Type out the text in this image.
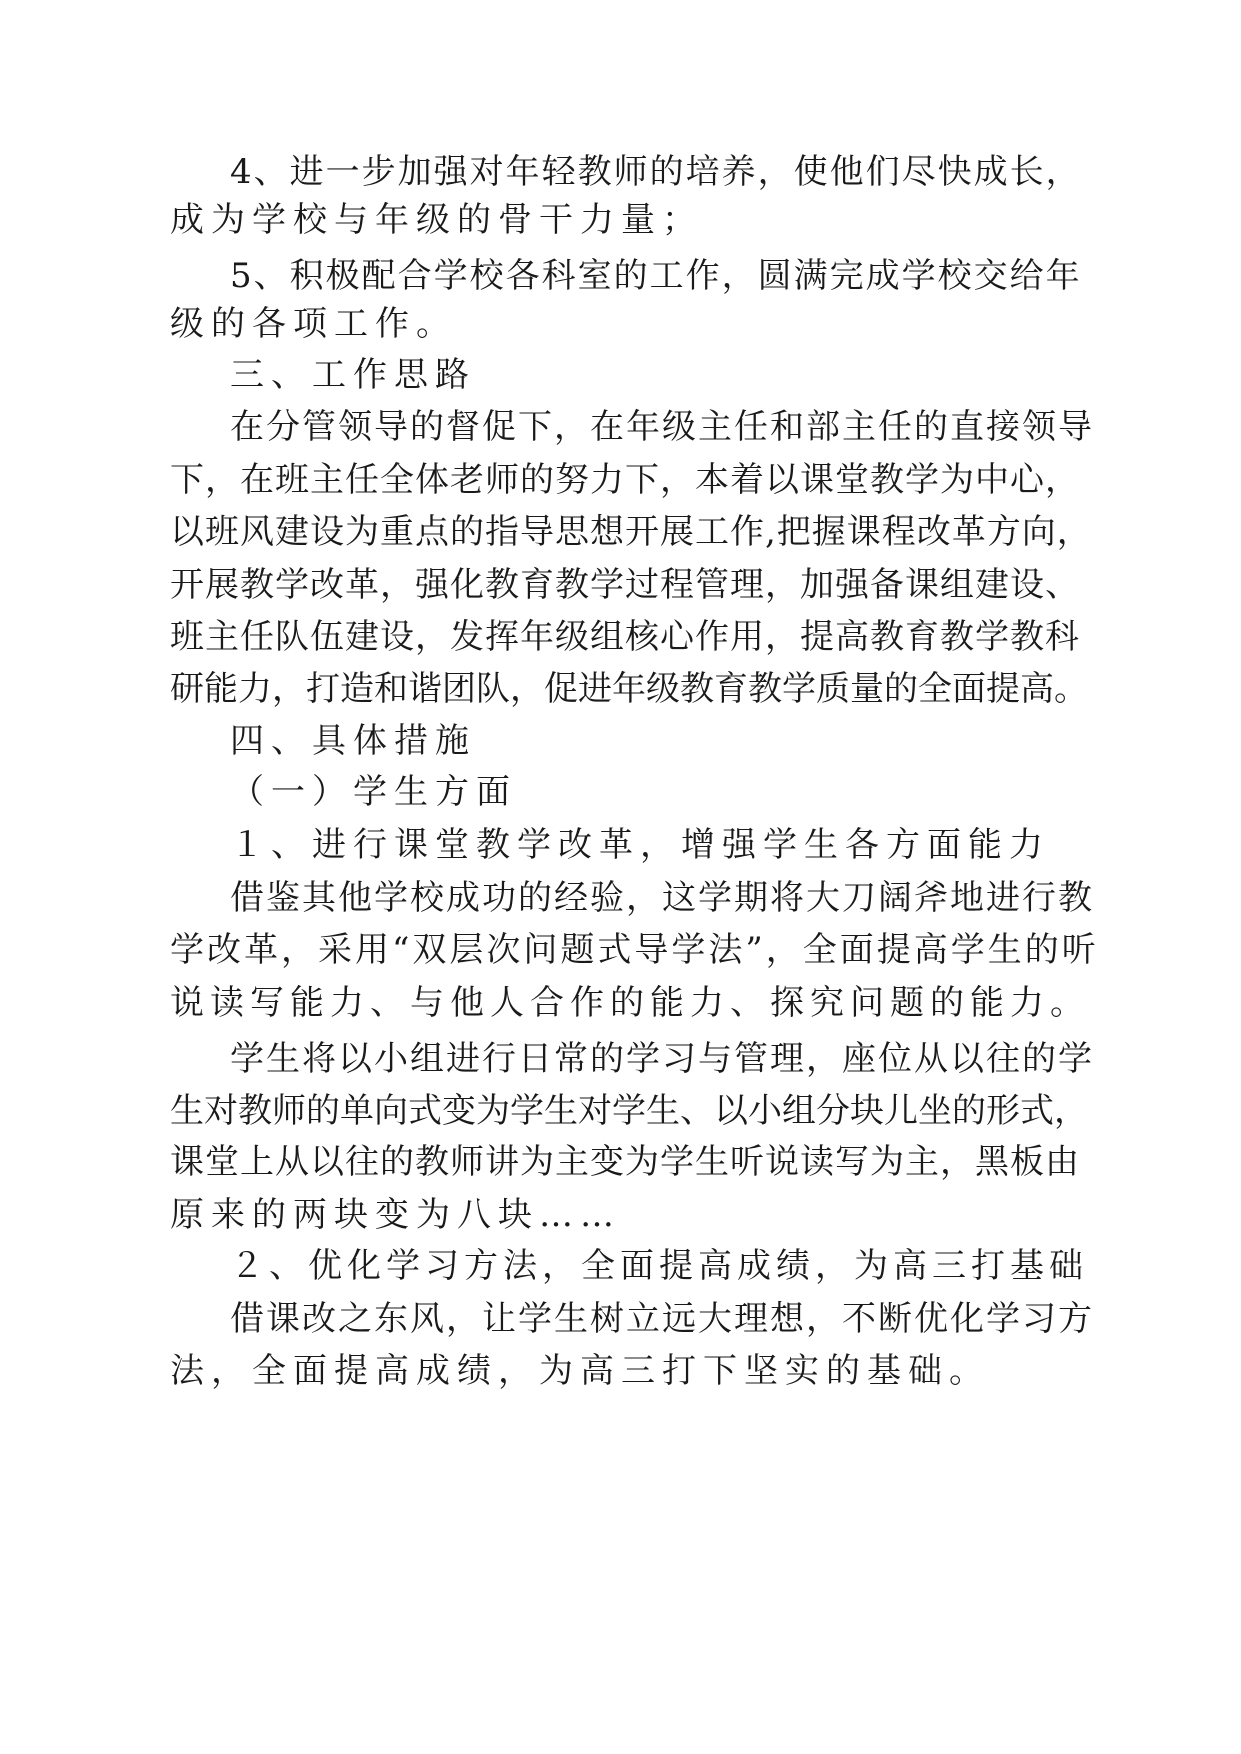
4、进一步加强对年轻教师的培养，使他们尽快成长，
成为学校与年级的骨干力量；
5、积极配合学校各科室的工作，圆满完成学校交给年
级的各项工作。
三、工作思路
在分管领导的督促下，在年级主任和部主任的直接领导
下，在班主任全体老师的努力下，本着以课堂教学为中心，
以班风建设为重点的指导思想开展工作,把握课程改革方向，
开展教学改革，强化教育教学过程管理，加强备课组建设、
班主任队伍建设，发挥年级组核心作用，提高教育教学教科
研能力，打造和谐团队，促进年级教育教学质量的全面提高。
四、具体措施
（一）学生方面
１、进行课堂教学改革，增强学生各方面能力
借鉴其他学校成功的经验，这学期将大刀阔斧地进行教
学改革，采用“双层次问题式导学法”，全面提高学生的听
说读写能力、与他人合作的能力、探究问题的能力。
学生将以小组进行日常的学习与管理，座位从以往的学
生对教师的单向式变为学生对学生、以小组分块儿坐的形式，
课堂上从以往的教师讲为主变为学生听说读写为主，黑板由
原来的两块变为八块……
２、优化学习方法，全面提高成绩，为高三打基础
借课改之东风，让学生树立远大理想，不断优化学习方
法，全面提高成绩，为高三打下坚实的基础。
